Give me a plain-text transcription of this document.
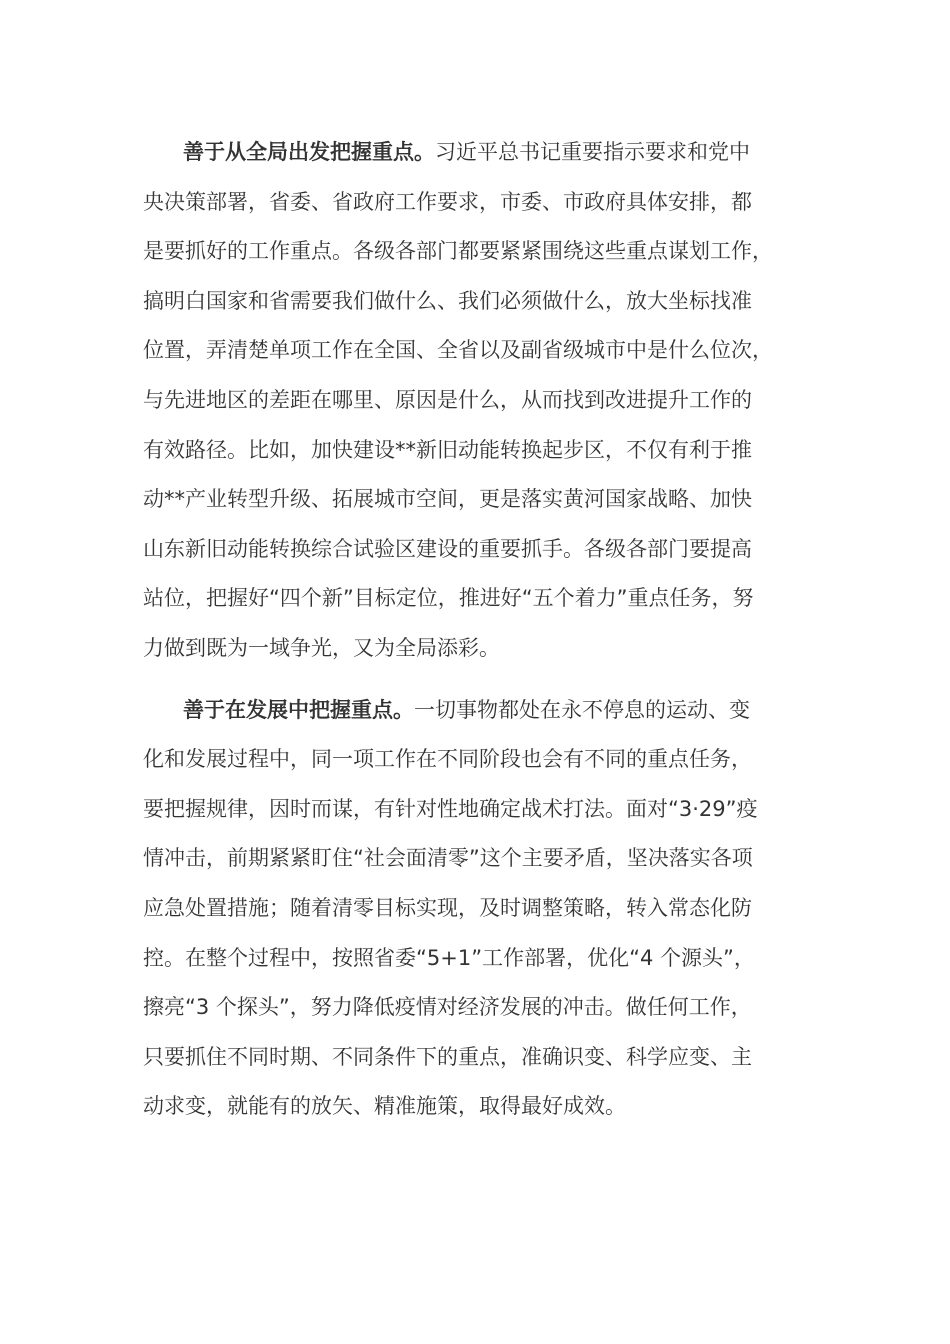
善于从全局出发把握重点。习近平总书记重要指示要求和党中
央决策部署，省委、省政府工作要求，市委、市政府具体安排，都
是要抓好的工作重点。各级各部门都要紧紧围绕这些重点谋划工作，
搞明白国家和省需要我们做什么、我们必须做什么，放大坐标找准
位置，弄清楚单项工作在全国、全省以及副省级城市中是什么位次，
与先进地区的差距在哪里、原因是什么，从而找到改进提升工作的
有效路径。比如，加快建设**新旧动能转换起步区，不仅有利于推
动**产业转型升级、拓展城市空间，更是落实黄河国家战略、加快
山东新旧动能转换综合试验区建设的重要抓手。各级各部门要提高
站位，把握好“四个新”目标定位，推进好“五个着力”重点任务，努
力做到既为一域争光，又为全局添彩。
善于在发展中把握重点。一切事物都处在永不停息的运动、变
化和发展过程中，同一项工作在不同阶段也会有不同的重点任务，
要把握规律，因时而谋，有针对性地确定战术打法。面对“3·29”疫
情冲击，前期紧紧盯住“社会面清零”这个主要矛盾，坚决落实各项
应急处置措施；随着清零目标实现，及时调整策略，转入常态化防
控。在整个过程中，按照省委“5+1”工作部署，优化“4 个源头”，
擦亮“3 个探头”，努力降低疫情对经济发展的冲击。做任何工作，
只要抓住不同时期、不同条件下的重点，准确识变、科学应变、主
动求变，就能有的放矢、精准施策，取得最好成效。
